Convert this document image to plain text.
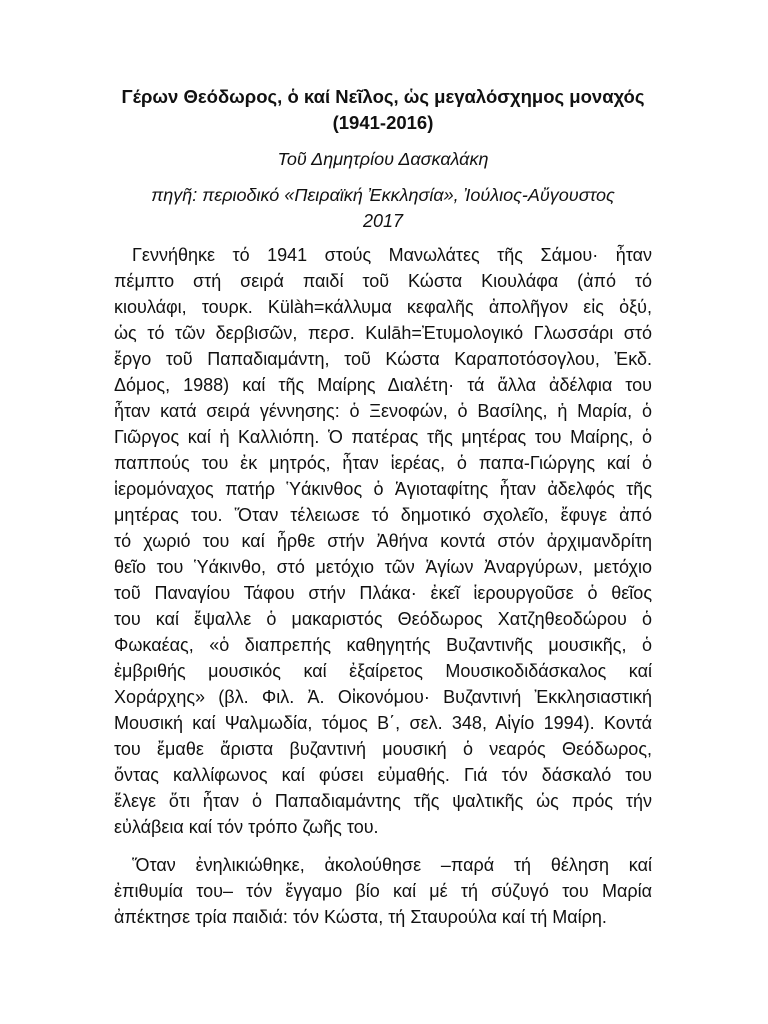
Γέρων Θεόδωρος, ὁ καί Νεῖλος, ὡς μεγαλόσχημος μοναχός
(1941-2016)

Τοῦ Δημητρίου Δασκαλάκη

πηγῆ: περιοδικό «Πειραϊκή Ἐκκλησία», Ἰούλιος-Αὔγουστος
2017

Γεννήθηκε τό 1941 στούς Μανωλάτες τῆς Σάμου· ἦταν
πέμπτο στή σειρά παιδί τοῦ Κώστα Κιουλάφα (ἀπό τό
κιουλάφι, τουρκ. Külàh=κάλλυμα κεφαλῆς ἀπολῆγον εἰς ὀξύ,
ὡς τό τῶν δερβισῶν, περσ. Kulāh=Ἐτυμολογικό Γλωσσάρι στό
ἔργο τοῦ Παπαδιαμάντη, τοῦ Κώστα Καραποτόσογλου, Ἐκδ.
Δόμος, 1988) καί τῆς Μαίρης Διαλέτη· τά ἄλλα ἀδέλφια του
ἦταν κατά σειρά γέννησης: ὁ Ξενοφών, ὁ Βασίλης, ἡ Μαρία, ὁ
Γιῶργος καί ἡ Καλλιόπη. Ὁ πατέρας τῆς μητέρας του Μαίρης, ὁ
παππούς του ἐκ μητρός, ἦταν ἱερέας, ὁ παπα-Γιώργης καί ὁ
ἱερομόναχος πατήρ Ὑάκινθος ὁ Ἁγιοταφίτης ἦταν ἀδελφός τῆς
μητέρας του. Ὅταν τέλειωσε τό δημοτικό σχολεῖο, ἔφυγε ἀπό
τό χωριό του καί ἦρθε στήν Ἀθήνα κοντά στόν ἀρχιμανδρίτη
θεῖο του Ὑάκινθο, στό μετόχιο τῶν Ἁγίων Ἀναργύρων, μετόχιο
τοῦ Παναγίου Τάφου στήν Πλάκα· ἐκεῖ ἱερουργοῦσε ὁ θεῖος
του καί ἔψαλλε ὁ μακαριστός Θεόδωρος Χατζηθεοδώρου ὁ
Φωκαέας, «ὁ διαπρεπής καθηγητής Βυζαντινῆς μουσικῆς, ὁ
ἐμβριθής μουσικός καί ἐξαίρετος Μουσικοδιδάσκαλος καί
Χοράρχης» (βλ. Φιλ. Ἀ. Οἰκονόμου· Βυζαντινή Ἐκκλησιαστική
Μουσική καί Ψαλμωδία, τόμος Β΄, σελ. 348, Αἰγίο 1994). Κοντά
του ἔμαθε ἄριστα βυζαντινή μουσική ὁ νεαρός Θεόδωρος,
ὄντας καλλίφωνος καί φύσει εὐμαθής. Γιά τόν δάσκαλό του
ἔλεγε ὅτι ἦταν ὁ Παπαδιαμάντης τῆς ψαλτικῆς ὡς πρός τήν
εὐλάβεια καί τόν τρόπο ζωῆς του.

Ὅταν ἐνηλικιώθηκε, ἀκολούθησε –παρά τή θέληση καί
ἐπιθυμία του– τόν ἔγγαμο βίο καί μέ τή σύζυγό του Μαρία
ἀπέκτησε τρία παιδιά: τόν Κώστα, τή Σταυρούλα καί τή Μαίρη.
